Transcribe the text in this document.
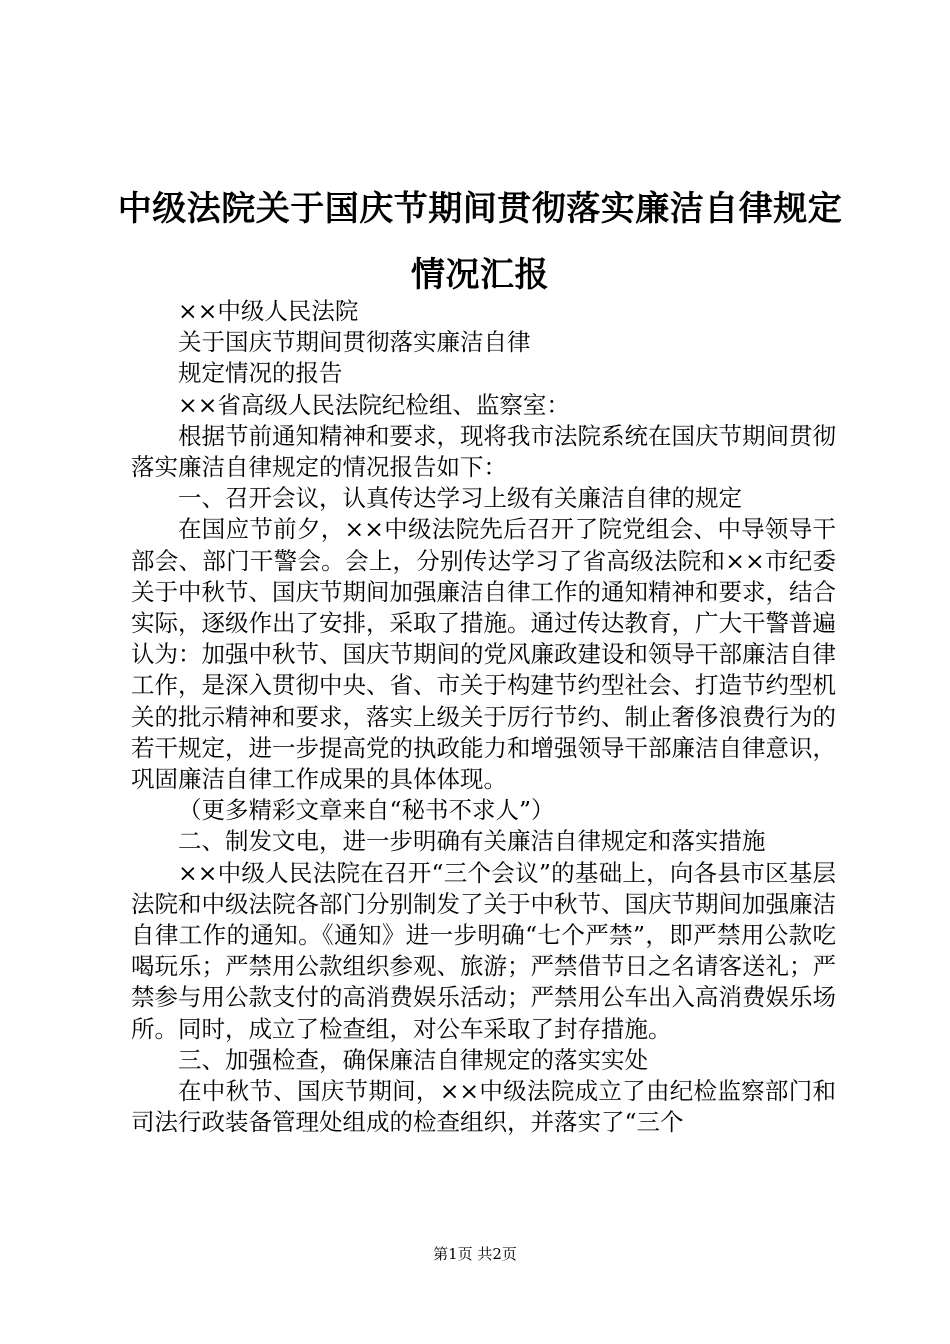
中级法院关于国庆节期间贯彻落实廉洁自律规定情况汇报

××中级人民法院

关于国庆节期间贯彻落实廉洁自律

规定情况的报告

××省高级人民法院纪检组、监察室：

根据节前通知精神和要求，现将我市法院系统在国庆节期间贯彻落实廉洁自律规定的情况报告如下：

一、召开会议，认真传达学习上级有关廉洁自律的规定

在国应节前夕，××中级法院先后召开了院党组会、中导领导干部会、部门干警会。会上，分别传达学习了省高级法院和××市纪委关于中秋节、国庆节期间加强廉洁自律工作的通知精神和要求，结合实际，逐级作出了安排，采取了措施。通过传达教育，广大干警普遍认为：加强中秋节、国庆节期间的党风廉政建设和领导干部廉洁自律工作，是深入贯彻中央、省、市关于构建节约型社会、打造节约型机关的批示精神和要求，落实上级关于厉行节约、制止奢侈浪费行为的若干规定，进一步提高党的执政能力和增强领导干部廉洁自律意识，巩固廉洁自律工作成果的具体体现。

（更多精彩文章来自“秘书不求人”）

二、制发文电，进一步明确有关廉洁自律规定和落实措施

××中级人民法院在召开“三个会议”的基础上，向各县市区基层法院和中级法院各部门分别制发了关于中秋节、国庆节期间加强廉洁自律工作的通知。《通知》进一步明确“七个严禁”，即严禁用公款吃喝玩乐；严禁用公款组织参观、旅游；严禁借节日之名请客送礼；严禁参与用公款支付的高消费娱乐活动；严禁用公车出入高消费娱乐场所。同时，成立了检查组，对公车采取了封存措施。

三、加强检查，确保廉洁自律规定的落实实处

在中秋节、国庆节期间，××中级法院成立了由纪检监察部门和司法行政装备管理处组成的检查组织，并落实了“三个

第1页 共2页
